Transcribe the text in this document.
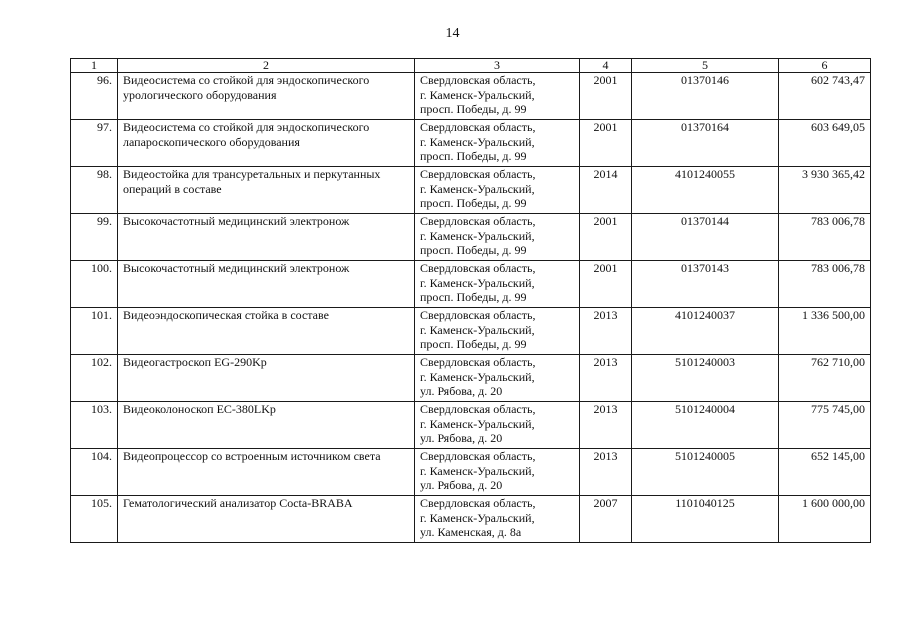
14
1	2	3	4	5	6
96.	Видеосистема со стойкой для эндоскопического урологического оборудования	Свердловская область,
г. Каменск-Уральский,
просп. Победы, д. 99	2001	01370146	602 743,47
97.	Видеосистема со стойкой для эндоскопического лапароскопического оборудования	Свердловская область,
г. Каменск-Уральский,
просп. Победы, д. 99	2001	01370164	603 649,05
98.	Видеостойка для трансуретальных и перкутанных операций в составе	Свердловская область,
г. Каменск-Уральский,
просп. Победы, д. 99	2014	4101240055	3 930 365,42
99.	Высокочастотный медицинский электронож	Свердловская область,
г. Каменск-Уральский,
просп. Победы, д. 99	2001	01370144	783 006,78
100.	Высокочастотный медицинский электронож	Свердловская область,
г. Каменск-Уральский,
просп. Победы, д. 99	2001	01370143	783 006,78
101.	Видеоэндоскопическая стойка в составе	Свердловская область,
г. Каменск-Уральский,
просп. Победы, д. 99	2013	4101240037	1 336 500,00
102.	Видеогастроскоп EG-290Kp	Свердловская область,
г. Каменск-Уральский,
ул. Рябова, д. 20	2013	5101240003	762 710,00
103.	Видеоколоноскоп EC-380LKp	Свердловская область,
г. Каменск-Уральский,
ул. Рябова, д. 20	2013	5101240004	775 745,00
104.	Видеопроцессор со встроенным источником света	Свердловская область,
г. Каменск-Уральский,
ул. Рябова, д. 20	2013	5101240005	652 145,00
105.	Гематологический анализатор Cocta-BRABA	Свердловская область,
г. Каменск-Уральский,
ул. Каменская, д. 8а	2007	1101040125	1 600 000,00
